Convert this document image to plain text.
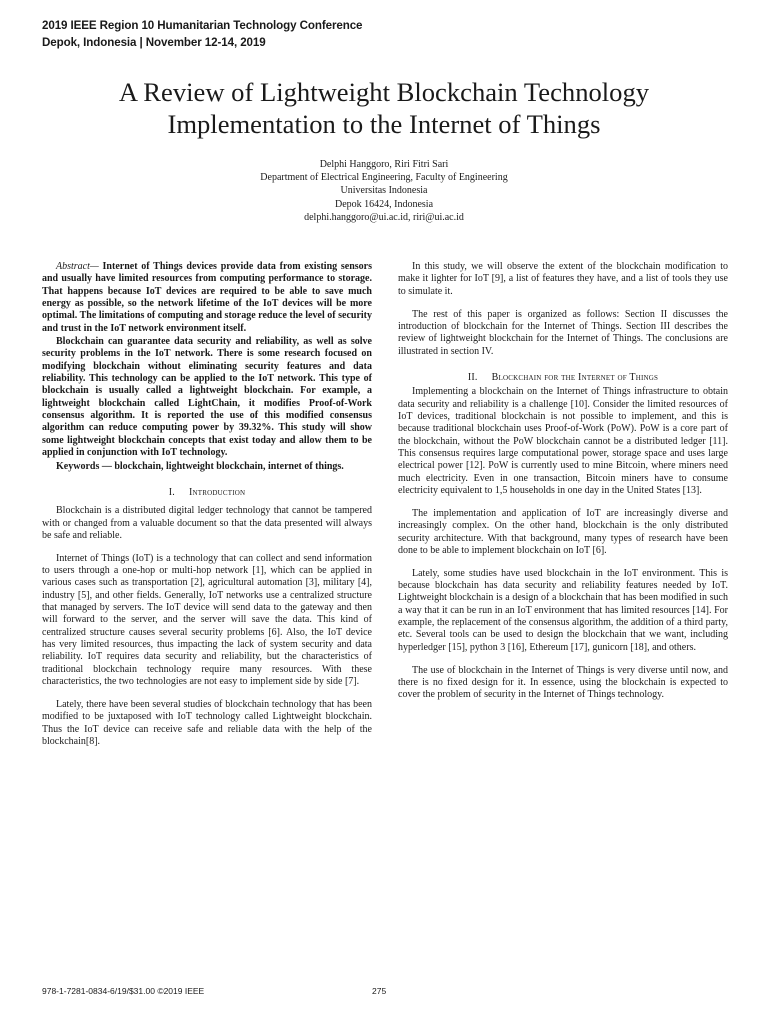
2019 IEEE Region 10 Humanitarian Technology Conference
Depok, Indonesia | November 12-14, 2019
A Review of Lightweight Blockchain Technology
Implementation to the Internet of Things
Delphi Hanggoro, Riri Fitri Sari
Department of Electrical Engineering, Faculty of Engineering
Universitas Indonesia
Depok 16424, Indonesia
delphi.hanggoro@ui.ac.id, riri@ui.ac.id

Abstract— Internet of Things devices provide data from existing sensors and usually have limited resources from computing performance to storage. That happens because IoT devices are required to be able to save much energy as possible, so the network lifetime of the IoT devices will be more optimal. The limitations of computing and storage reduce the level of security and trust in the IoT network environment itself.

Blockchain can guarantee data security and reliability, as well as solve security problems in the IoT network. There is some research focused on modifying blockchain without eliminating security features and data reliability. This technology can be applied to the IoT network. This type of blockchain is usually called a lightweight blockchain. For example, a lightweight blockchain called LightChain, it modifies Proof-of-Work consensus algorithm. It is reported the use of this modified consensus algorithm can reduce computing power by 39.32%. This study will show some lightweight blockchain concepts that exist today and allow them to be applied in conjunction with IoT technology.

Keywords — blockchain, lightweight blockchain, internet of things.

I. Introduction

Blockchain is a distributed digital ledger technology that cannot be tampered with or changed from a valuable document so that the data presented will always be safe and reliable.

Internet of Things (IoT) is a technology that can collect and send information to users through a one-hop or multi-hop network [1], which can be applied in various cases such as transportation [2], agricultural automation [3], military [4], industry [5], and other fields. Generally, IoT networks use a centralized structure that managed by servers. The IoT device will send data to the gateway and then will forward to the server, and the server will save the data. This kind of centralized structure causes several security problems [6]. Also, the IoT device has very limited resources, thus impacting the lack of system security and data reliability. IoT requires data security and reliability, but the characteristics of traditional blockchain technology require many resources. With these characteristics, the two technologies are not easy to implement side by side [7].

Lately, there have been several studies of blockchain technology that has been modified to be juxtaposed with IoT technology called Lightweight blockchain. Thus the IoT device can receive safe and reliable data with the help of the blockchain[8].

In this study, we will observe the extent of the blockchain modification to make it lighter for IoT [9], a list of features they have, and a list of tools they use to simulate it.

The rest of this paper is organized as follows: Section II discusses the introduction of blockchain for the Internet of Things. Section III describes the review of lightweight blockchain for the Internet of Things. The conclusions are illustrated in section IV.

II. Blockchain for the Internet of Things

Implementing a blockchain on the Internet of Things infrastructure to obtain data security and reliability is a challenge [10]. Consider the limited resources of IoT devices, traditional blockchain is not possible to implement, and this is because traditional blockchain uses Proof-of-Work (PoW). PoW is a core part of the blockchain, without the PoW blockchain cannot be a distributed ledger [11]. This consensus requires large computational power, storage space and uses large electrical power [12]. PoW is currently used to mine Bitcoin, where miners need much electricity. Even in one transaction, Bitcoin miners have to consume electricity equivalent to 1,5 households in one day in the United States [13].

The implementation and application of IoT are increasingly diverse and increasingly complex. On the other hand, blockchain is the only distributed security architecture. With that background, many types of research have been done to be able to implement blockchain on IoT [6].

Lately, some studies have used blockchain in the IoT environment. This is because blockchain has data security and reliability features needed by IoT. Lightweight blockchain is a design of a blockchain that has been modified in such a way that it can be run in an IoT environment that has limited resources [14]. For example, the replacement of the consensus algorithm, the addition of a third party, etc. Several tools can be used to design the blockchain that we want, including hyperledger [15], python 3 [16], Ethereum [17], gunicorn [18], and others.

The use of blockchain in the Internet of Things is very diverse until now, and there is no fixed design for it. In essence, using the blockchain is expected to cover the problem of security in the Internet of Things technology.

978-1-7281-0834-6/19/$31.00 ©2019 IEEE	275
